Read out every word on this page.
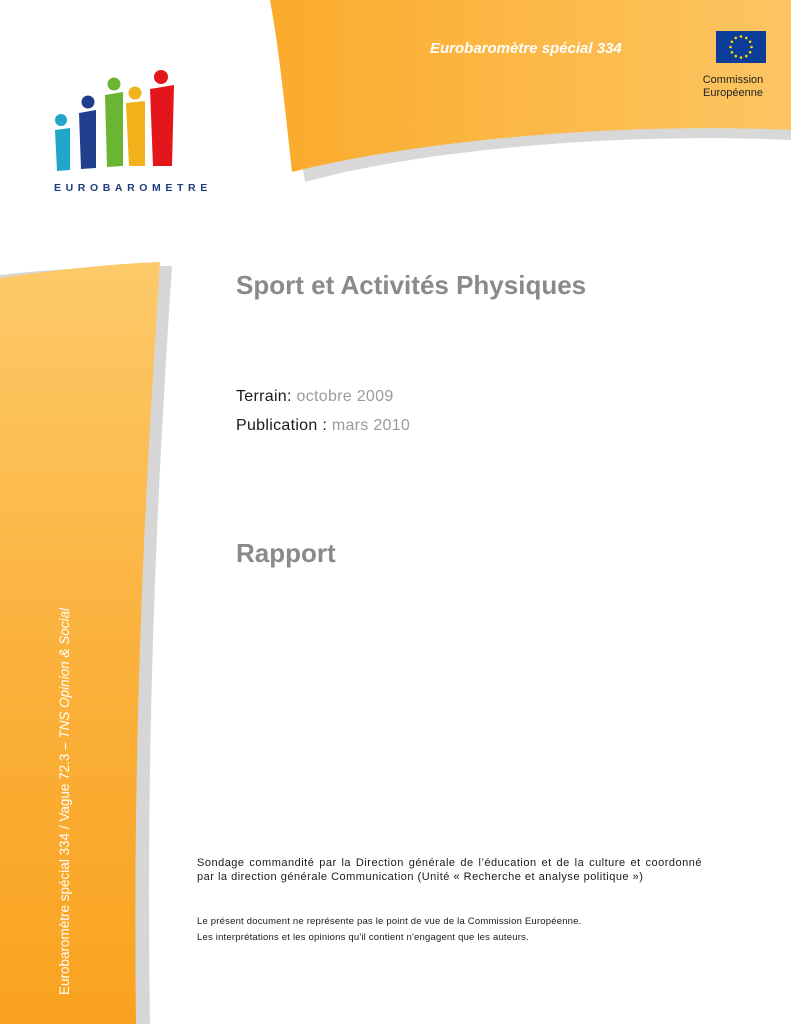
Eurobaromètre spécial 334
Commission
Européenne
EUROBAROMETRE
Sport et Activités Physiques
Terrain: octobre 2009
Publication : mars 2010
Rapport
Eurobaromètre spécial 334 / Vague 72.3 – TNS Opinion & Social
Sondage commandité par la Direction générale de l’éducation et de la culture et coordonné par la direction générale Communication (Unité « Recherche et analyse politique »)
Le présent document ne représente pas le point de vue de la Commission Européenne.
Les interprétations et les opinions qu'il contient n'engagent que les auteurs.
